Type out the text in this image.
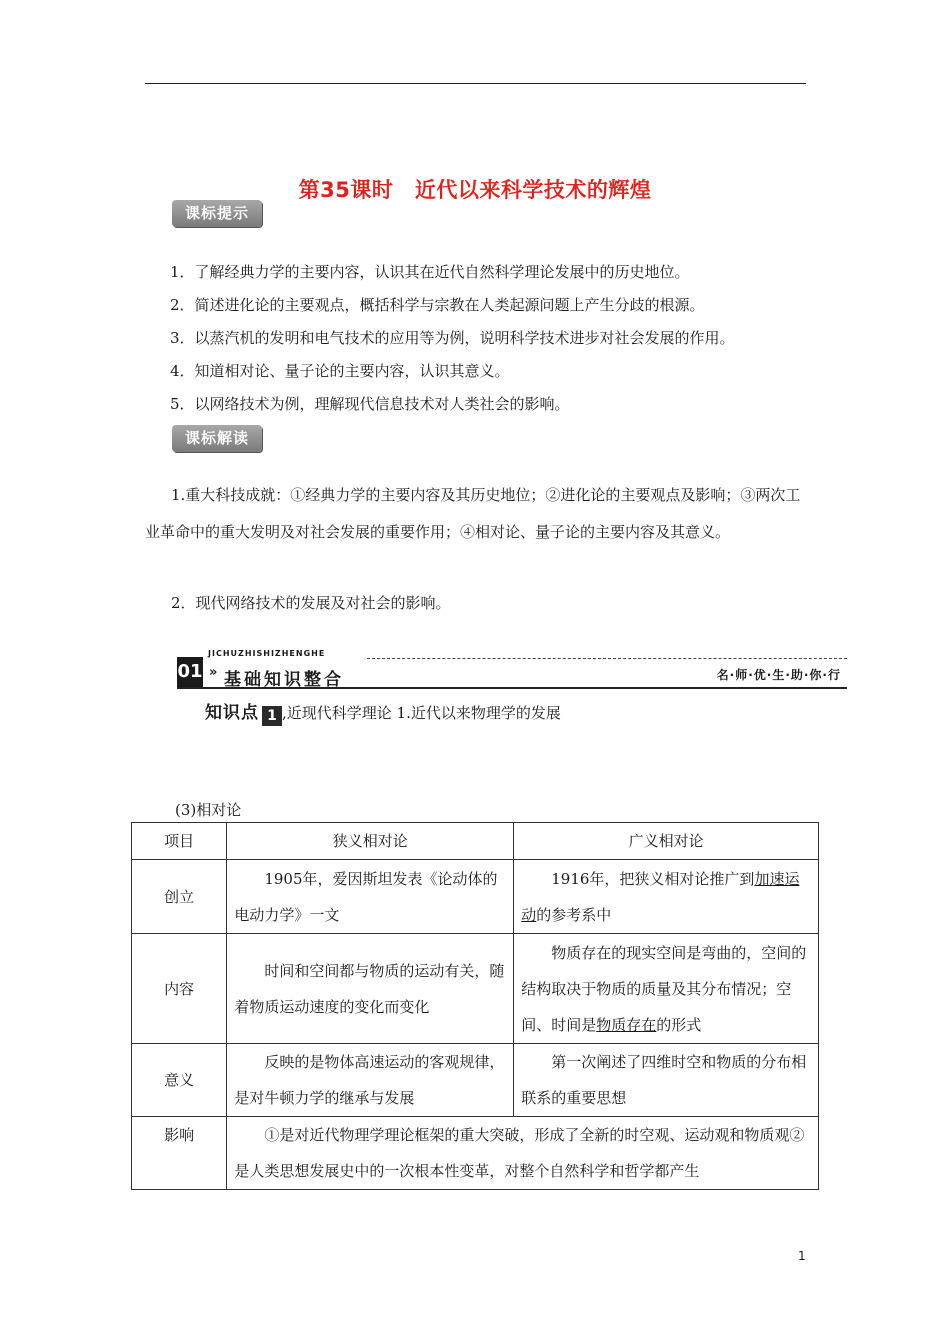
第35课时　近代以来科学技术的辉煌
课标提示
1．了解经典力学的主要内容，认识其在近代自然科学理论发展中的历史地位。
2．简述进化论的主要观点，概括科学与宗教在人类起源问题上产生分歧的根源。
3．以蒸汽机的发明和电气技术的应用等为例，说明科学技术进步对社会发展的作用。
4．知道相对论、量子论的主要内容，认识其意义。
5．以网络技术为例，理解现代信息技术对人类社会的影响。
课标解读
1.重大科技成就：①经典力学的主要内容及其历史地位；②进化论的主要观点及影响；③两次工业革命中的重大发明及对社会发展的重要作用；④相对论、量子论的主要内容及其意义。
2．现代网络技术的发展及对社会的影响。
01
JICHUZHISHIZHENGHE
» 基础知识整合	名·师·优·生·助·你·行
知识点 1 ,近现代科学理论 1.近代以来物理学的发展
(3)相对论
项目	狭义相对论	广义相对论
创立	1905年，爱因斯坦发表《论动体的电动力学》一文	1916年，把狭义相对论推广到加速运动的参考系中
内容	时间和空间都与物质的运动有关，随着物质运动速度的变化而变化	物质存在的现实空间是弯曲的，空间的结构取决于物质的质量及其分布情况；空间、时间是物质存在的形式
意义	反映的是物体高速运动的客观规律，是对牛顿力学的继承与发展	第一次阐述了四维时空和物质的分布相联系的重要思想
影响	①是对近代物理学理论框架的重大突破，形成了全新的时空观、运动观和物质观②是人类思想发展史中的一次根本性变革，对整个自然科学和哲学都产生	
1
